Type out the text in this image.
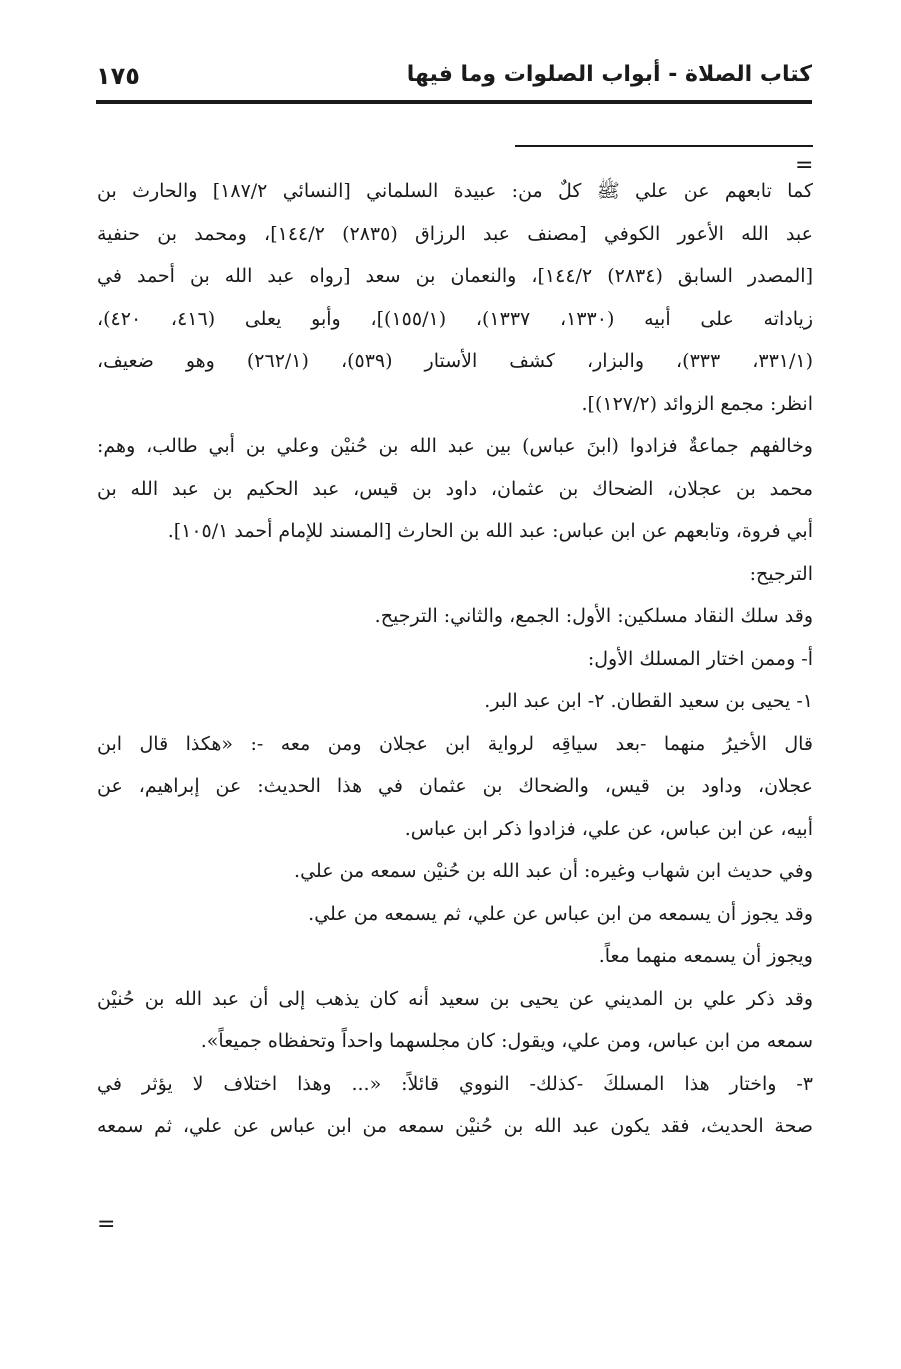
كتاب الصلاة - أبواب الصلوات وما فيها
١٧٥
=
كما تابعهم عن علي ﷺ كلٌ من: عبيدة السلماني [النسائي ١٨٧/٢] والحارث بن
عبد الله الأعور الكوفي [مصنف عبد الرزاق (٢٨٣٥) ١٤٤/٢]، ومحمد بن حنفية
[المصدر السابق (٢٨٣٤) ١٤٤/٢]، والنعمان بن سعد [رواه عبد الله بن أحمد في
زياداته على أبيه (١٣٣٠، ١٣٣٧)، (١٥٥/١)]، وأبو يعلى (٤١٦، ٤٢٠)،
(٣٣١/١، ٣٣٣)، والبزار، كشف الأستار (٥٣٩)، (٢٦٢/١) وهو ضعيف،
انظر: مجمع الزوائد (١٢٧/٢)].
وخالفهم جماعةٌ فزادوا (ابنَ عباس) بين عبد الله بن حُنيْن وعلي بن أبي طالب، وهم:
محمد بن عجلان، الضحاك بن عثمان، داود بن قيس، عبد الحكيم بن عبد الله بن
أبي فروة، وتابعهم عن ابن عباس: عبد الله بن الحارث [المسند للإمام أحمد ١٠٥/١].
الترجيح:
وقد سلك النقاد مسلكين: الأول: الجمع، والثاني: الترجيح.
أ- وممن اختار المسلك الأول:
١- يحيى بن سعيد القطان. ٢- ابن عبد البر.
قال الأخيرُ منهما -بعد سياقِه لرواية ابن عجلان ومن معه -: «هكذا قال ابن
عجلان، وداود بن قيس، والضحاك بن عثمان في هذا الحديث: عن إبراهيم، عن
أبيه، عن ابن عباس، عن علي، فزادوا ذكر ابن عباس.
وفي حديث ابن شهاب وغيره: أن عبد الله بن حُنيْن سمعه من علي.
وقد يجوز أن يسمعه من ابن عباس عن علي، ثم يسمعه من علي.
ويجوز أن يسمعه منهما معاً.
وقد ذكر علي بن المديني عن يحيى بن سعيد أنه كان يذهب إلى أن عبد الله بن حُنيْن
سمعه من ابن عباس، ومن علي، ويقول: كان مجلسهما واحداً وتحفظاه جميعاً».
٣- واختار هذا المسلكَ -كذلك- النووي قائلاً: «... وهذا اختلاف لا يؤثر في
صحة الحديث، فقد يكون عبد الله بن حُنيْن سمعه من ابن عباس عن علي، ثم سمعه
=
